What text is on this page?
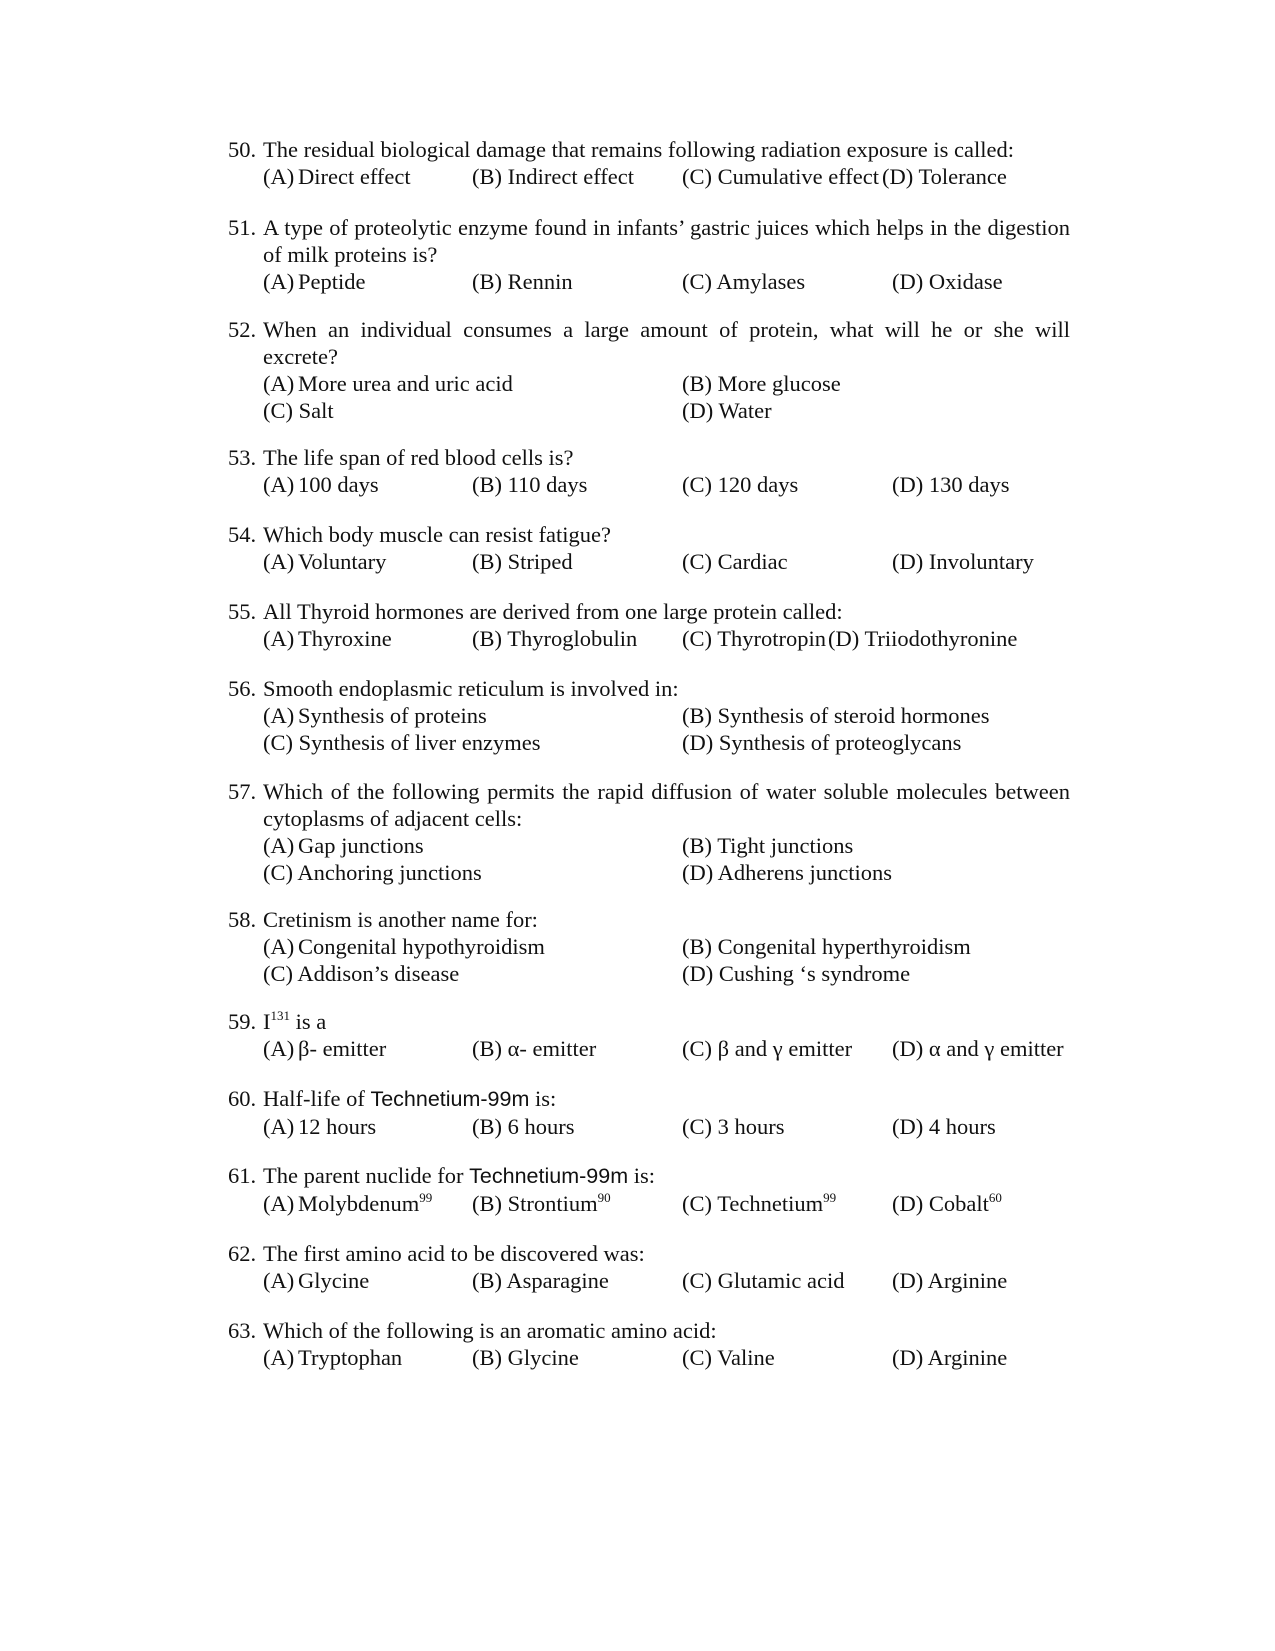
50. The residual biological damage that remains following radiation exposure is called:
(A) Direct effect	(B) Indirect effect (C) Cumulative effect (D) Tolerance
51. A type of proteolytic enzyme found in infants’ gastric juices which helps in the digestion of milk proteins is?
(A) Peptide	(B) Rennin	(C) Amylases	(D) Oxidase
52. When an individual consumes a large amount of protein, what will he or she will excrete?
(A) More urea and uric acid	(B) More glucose
(C) Salt	(D) Water
53. The life span of red blood cells is?
(A) 100 days	(B) 110 days	(C) 120 days	(D) 130 days
54. Which body muscle can resist fatigue?
(A) Voluntary	(B) Striped	(C) Cardiac	(D) Involuntary
55. All Thyroid hormones are derived from one large protein called:
(A) Thyroxine	(B) Thyroglobulin (C) Thyrotropin (D) Triiodothyronine
56. Smooth endoplasmic reticulum is involved in:
(A) Synthesis of proteins	(B) Synthesis of steroid hormones
(C) Synthesis of liver enzymes	(D) Synthesis of proteoglycans
57. Which of the following permits the rapid diffusion of water soluble molecules between cytoplasms of adjacent cells:
(A) Gap junctions	(B) Tight junctions
(C) Anchoring junctions	(D) Adherens junctions
58. Cretinism is another name for:
(A) Congenital hypothyroidism	(B) Congenital hyperthyroidism
(C) Addison’s disease	(D) Cushing ‘s syndrome
59. $I^{131}$ is a
(A) β- emitter	(B) α- emitter	(C) β and γ emitter (D) α and γ emitter
60. Half-life of Technetium-99m is:
(A) 12 hours	(B) 6 hours	(C) 3 hours	(D) 4 hours
61. The parent nuclide for Technetium-99m is:
(A) Molybdenum$^{99}$ (B) Strontium$^{90}$	(C) Technetium$^{99}$ (D) Cobalt$^{60}$
62. The first amino acid to be discovered was:
(A) Glycine	(B) Asparagine	(C) Glutamic acid (D) Arginine
63. Which of the following is an aromatic amino acid:
(A) Tryptophan	(B) Glycine	(C) Valine	(D) Arginine
